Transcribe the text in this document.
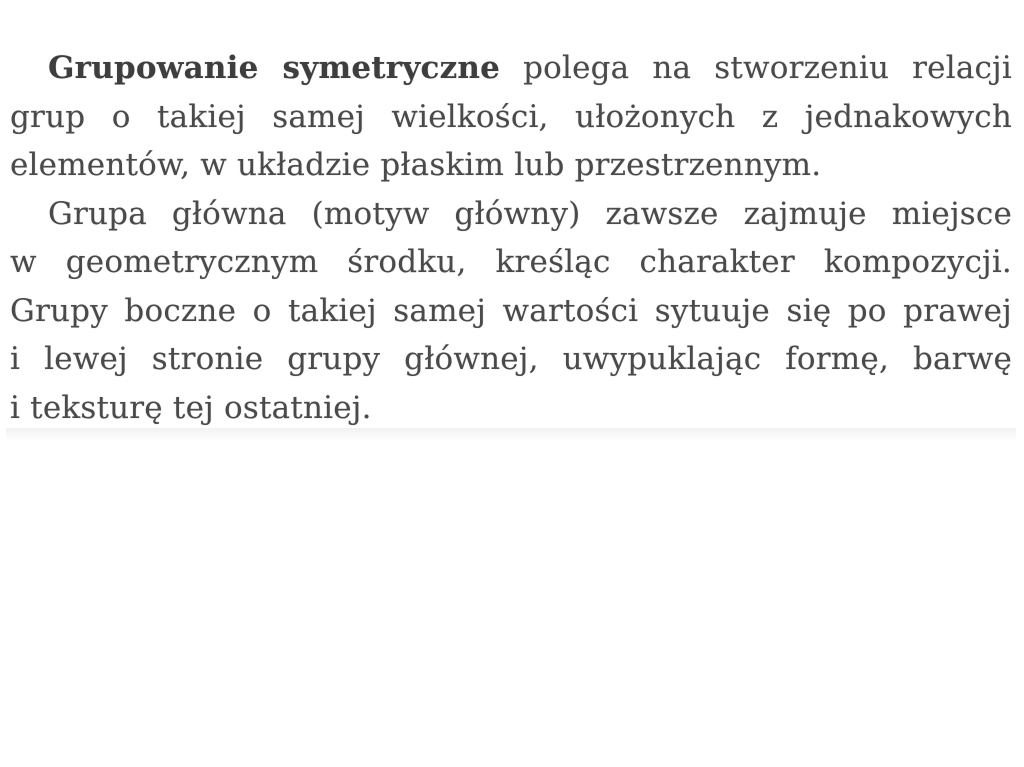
Grupowanie symetryczne polega na stworzeniu relacji
grup o takiej samej wielkości, ułożonych z jednakowych
elementów, w układzie płaskim lub przestrzennym.
Grupa główna (motyw główny) zawsze zajmuje miejsce
w geometrycznym środku, kreśląc charakter kompozycji.
Grupy boczne o takiej samej wartości sytuuje się po prawej
i lewej stronie grupy głównej, uwypuklając formę, barwę
i teksturę tej ostatniej.
